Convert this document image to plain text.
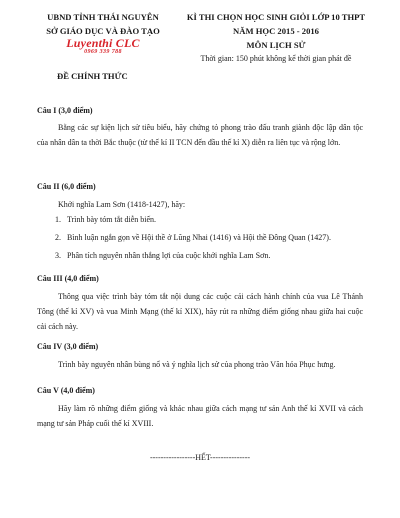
UBND TỈNH THÁI NGUYÊN
SỞ GIÁO DỤC VÀ ĐÀO TẠO
KÌ THI CHỌN HỌC SINH GIỎI LỚP 10 THPT
NĂM HỌC 2015 - 2016
MÔN LỊCH SỬ
Thời gian: 150 phút không kể thời gian phát đề
Luyenthi CLC
0969 339 788
ĐỀ CHÍNH THỨC
Câu I (3,0 điểm)
Bằng các sự kiện lịch sử tiêu biểu, hãy chứng tỏ phong trào đấu tranh giành độc lập dân tộc của nhân dân ta thời Bắc thuộc (từ thế kỉ II TCN đến đầu thế kỉ X) diễn ra liên tục và rộng lớn.
Câu II (6,0 điểm)
Khởi nghĩa Lam Sơn (1418-1427), hãy:
1. Trình bày tóm tắt diễn biến.
2. Bình luận ngắn gọn về Hội thề ở Lũng Nhai (1416) và Hội thề Đông Quan (1427).
3. Phân tích nguyên nhân thắng lợi của cuộc khởi nghĩa Lam Sơn.
Câu III (4,0 điểm)
Thông qua việc trình bày tóm tắt nội dung các cuộc cải cách hành chính của vua Lê Thánh Tông (thế kỉ XV) và vua Minh Mạng (thế kỉ XIX), hãy rút ra những điểm giống nhau giữa hai cuộc cải cách này.
Câu IV (3,0 điểm)
Trình bày nguyên nhân bùng nổ và ý nghĩa lịch sử của phong trào Văn hóa Phục hưng.
Câu V (4,0 điểm)
Hãy làm rõ những điểm giống và khác nhau giữa cách mạng tư sản Anh thế kỉ XVII và cách mạng tư sản Pháp cuối thế kỉ XVIII.
-----------------HẾT---------------
